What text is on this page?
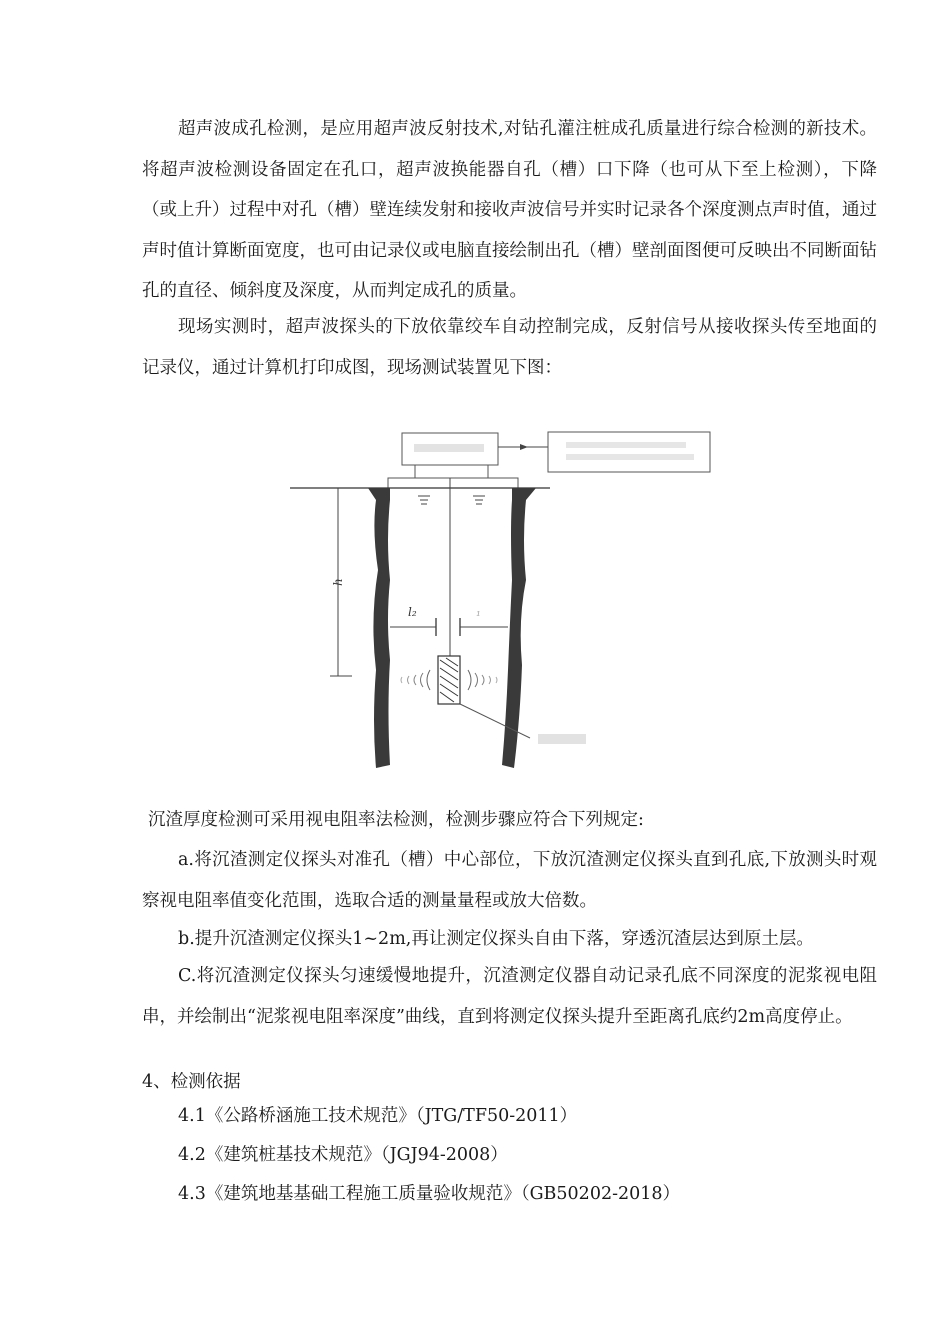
超声波成孔检测，是应用超声波反射技术,对钻孔灌注桩成孔质量进行综合检测的新技术。将超声波检测设备固定在孔口，超声波换能器自孔（槽）口下降（也可从下至上检测），下降（或上升）过程中对孔（槽）壁连续发射和接收声波信号并实时记录各个深度测点声时值，通过声时值计算断面宽度，也可由记录仪或电脑直接绘制出孔（槽）壁剖面图便可反映出不同断面钻孔的直径、倾斜度及深度，从而判定成孔的质量。

现场实测时，超声波探头的下放依靠绞车自动控制完成，反射信号从接收探头传至地面的记录仪，通过计算机打印成图，现场测试装置见下图：

h
l₂	₁

沉渣厚度检测可采用视电阻率法检测，检测步骤应符合下列规定:

a.将沉渣测定仪探头对准孔（槽）中心部位，下放沉渣测定仪探头直到孔底,下放测头时观察视电阻率值变化范围，选取合适的测量量程或放大倍数。

b.提升沉渣测定仪探头1~2m,再让测定仪探头自由下落，穿透沉渣层达到原土层。

C.将沉渣测定仪探头匀速缓慢地提升，沉渣测定仪器自动记录孔底不同深度的泥浆视电阻串，并绘制出“泥浆视电阻率深度”曲线，直到将测定仪探头提升至距离孔底约2m高度停止。

4、检测依据

4.1《公路桥涵施工技术规范》（JTG/TF50-2011）

4.2《建筑桩基技术规范》（JGJ94-2008）

4.3《建筑地基基础工程施工质量验收规范》（GB50202-2018）
